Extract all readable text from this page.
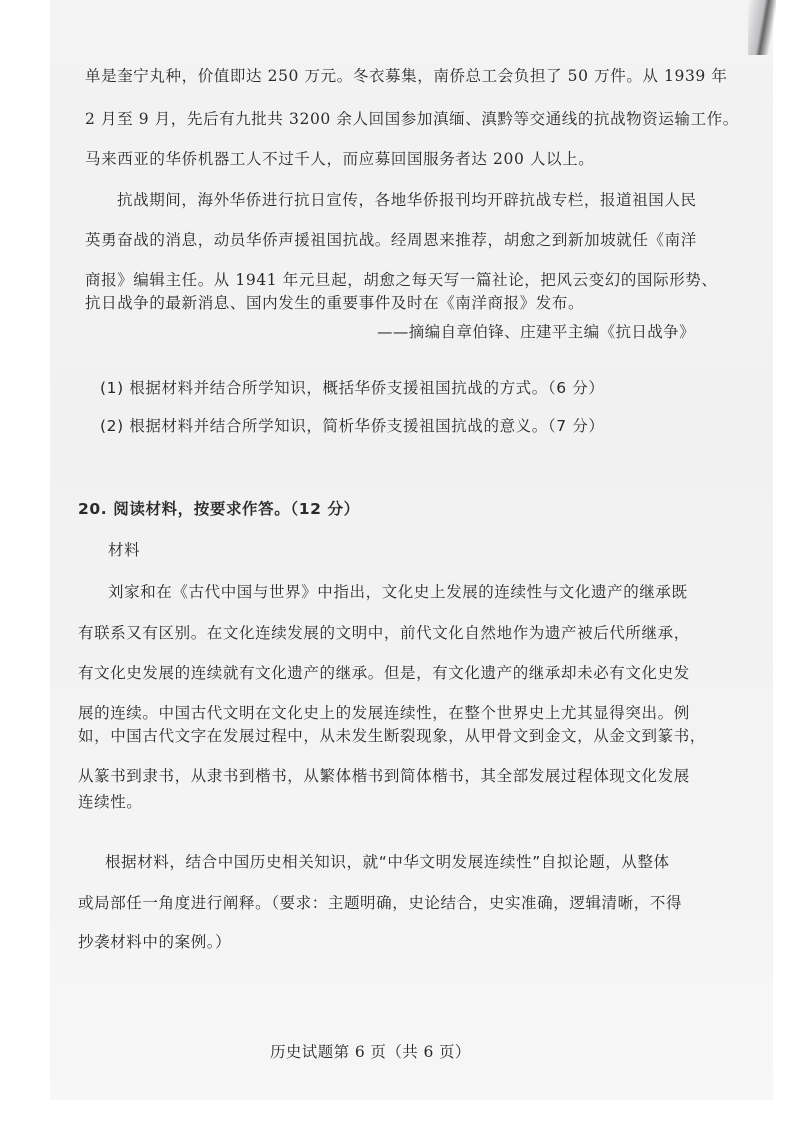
单是奎宁丸种，价值即达 250 万元。冬衣募集，南侨总工会负担了 50 万件。从 1939 年
2 月至 9 月，先后有九批共 3200 余人回国参加滇缅、滇黔等交通线的抗战物资运输工作。
马来西亚的华侨机器工人不过千人，而应募回国服务者达 200 人以上。
抗战期间，海外华侨进行抗日宣传，各地华侨报刊均开辟抗战专栏，报道祖国人民
英勇奋战的消息，动员华侨声援祖国抗战。经周恩来推荐，胡愈之到新加坡就任《南洋
商报》编辑主任。从 1941 年元旦起，胡愈之每天写一篇社论，把风云变幻的国际形势、
抗日战争的最新消息、国内发生的重要事件及时在《南洋商报》发布。
——摘编自章伯锋、庄建平主编《抗日战争》
(1) 根据材料并结合所学知识，概括华侨支援祖国抗战的方式。（6 分）
(2) 根据材料并结合所学知识，简析华侨支援祖国抗战的意义。（7 分）
20. 阅读材料，按要求作答。（12 分）
材料
刘家和在《古代中国与世界》中指出，文化史上发展的连续性与文化遗产的继承既
有联系又有区别。在文化连续发展的文明中，前代文化自然地作为遗产被后代所继承，
有文化史发展的连续就有文化遗产的继承。但是，有文化遗产的继承却未必有文化史发
展的连续。中国古代文明在文化史上的发展连续性，在整个世界史上尤其显得突出。例
如，中国古代文字在发展过程中，从未发生断裂现象，从甲骨文到金文，从金文到篆书，
从篆书到隶书，从隶书到楷书，从繁体楷书到简体楷书，其全部发展过程体现文化发展
连续性。
根据材料，结合中国历史相关知识，就“中华文明发展连续性”自拟论题，从整体
或局部任一角度进行阐释。（要求：主题明确，史论结合，史实准确，逻辑清晰，不得
抄袭材料中的案例。）
历史试题第 6 页（共 6 页）
